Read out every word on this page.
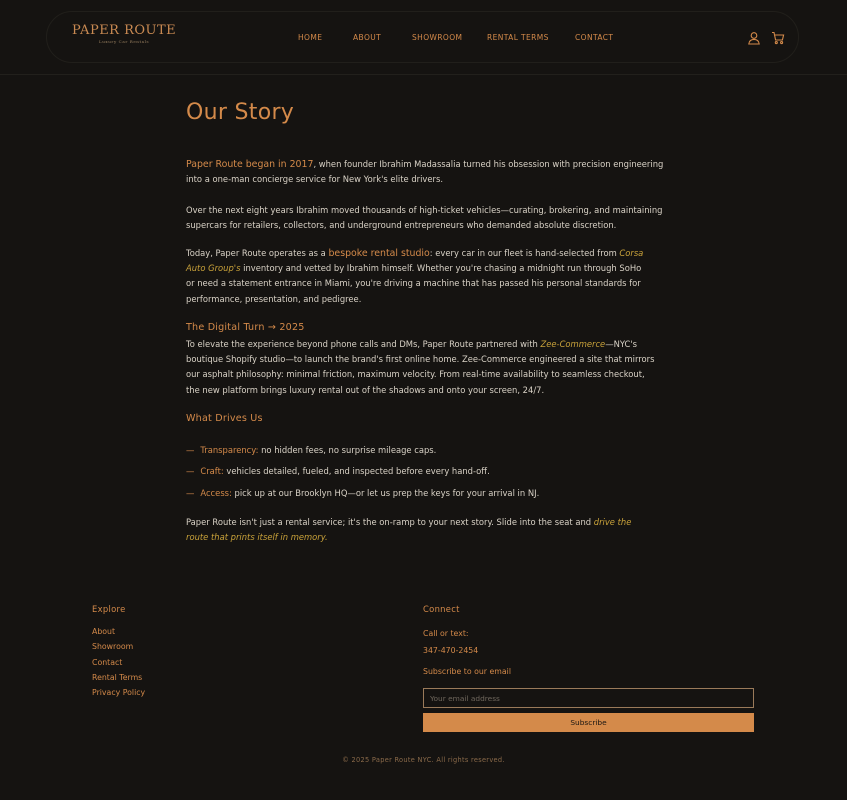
PAPER ROUTE
Luxury Car Rentals	HOME	ABOUT	SHOWROOM	RENTAL TERMS	CONTACT
Our Story

Paper Route began in 2017, when founder Ibrahim Madassalia turned his obsession with precision engineering into a one-man concierge service for New York's elite drivers.

Over the next eight years Ibrahim moved thousands of high-ticket vehicles—curating, brokering, and maintaining supercars for retailers, collectors, and underground entrepreneurs who demanded absolute discretion.

Today, Paper Route operates as a bespoke rental studio: every car in our fleet is hand-selected from Corsa Auto Group's inventory and vetted by Ibrahim himself. Whether you're chasing a midnight run through SoHo or need a statement entrance in Miami, you're driving a machine that has passed his personal standards for performance, presentation, and pedigree.

The Digital Turn → 2025

To elevate the experience beyond phone calls and DMs, Paper Route partnered with Zee-Commerce—NYC's boutique Shopify studio—to launch the brand's first online home. Zee-Commerce engineered a site that mirrors our asphalt philosophy: minimal friction, maximum velocity. From real-time availability to seamless checkout, the new platform brings luxury rental out of the shadows and onto your screen, 24/7.

What Drives Us
— Transparency: no hidden fees, no surprise mileage caps.
— Craft: vehicles detailed, fueled, and inspected before every hand-off.
— Access: pick up at our Brooklyn HQ—or let us prep the keys for your arrival in NJ.

Paper Route isn't just a rental service; it's the on-ramp to your next story. Slide into the seat and drive the route that prints itself in memory.

Explore
About
Showroom
Contact
Rental Terms
Privacy Policy
Connect
Call or text:
347-470-2454
Subscribe to our email
Your email address
Subscribe
© 2025 Paper Route NYC. All rights reserved.
